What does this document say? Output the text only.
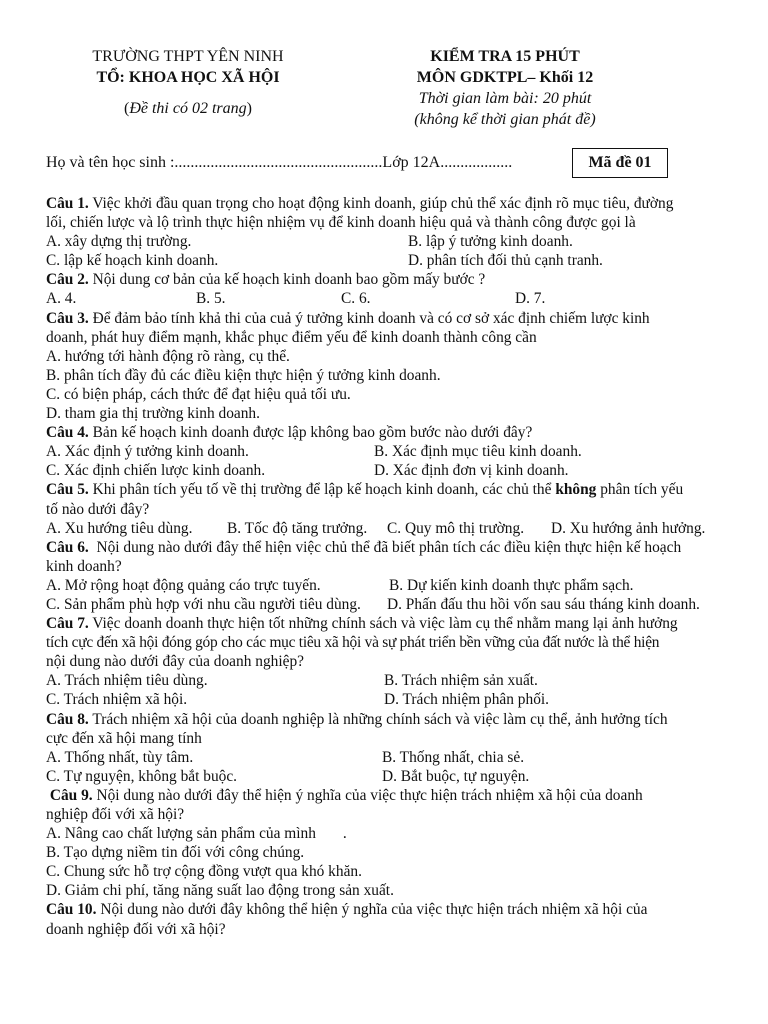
TRƯỜNG THPT YÊN NINH
TỔ: KHOA HỌC XÃ HỘI
(Đề thi có 02 trang)
KIỂM TRA 15 PHÚT
MÔN GDKTPL– Khối 12
Thời gian làm bài: 20 phút
(không kể thời gian phát đề)
Họ và tên học sinh :....................................................Lớp 12A..................	Mã đề 01
Câu 1. Việc khởi đầu quan trọng cho hoạt động kinh doanh, giúp chủ thể xác định rõ mục tiêu, đường
lối, chiến lược và lộ trình thực hiện nhiệm vụ để kinh doanh hiệu quả và thành công được gọi là
A. xây dựng thị trường.	B. lập ý tưởng kinh doanh.
C. lập kế hoạch kinh doanh.	D. phân tích đối thủ cạnh tranh.
Câu 2. Nội dung cơ bản của kế hoạch kinh doanh bao gồm mấy bước ?
A. 4.	B. 5.	C. 6.	D. 7.
Câu 3. Để đảm bảo tính khả thi của cuả ý tưởng kinh doanh và có cơ sở xác định chiếm lược kinh
doanh, phát huy điểm mạnh, khắc phục điểm yếu để kinh doanh thành công cần
A. hướng tới hành động rõ ràng, cụ thể.
B. phân tích đầy đủ các điều kiện thực hiện ý tưởng kinh doanh.
C. có biện pháp, cách thức để đạt hiệu quả tối ưu.
D. tham gia thị trường kinh doanh.
Câu 4. Bản kế hoạch kinh doanh được lập không bao gồm bước nào dưới đây?
A. Xác định ý tưởng kinh doanh.	B. Xác định mục tiêu kinh doanh.
C. Xác định chiến lược kinh doanh.	D. Xác định đơn vị kinh doanh.
Câu 5. Khi phân tích yếu tố về thị trường để lập kế hoạch kinh doanh, các chủ thể không phân tích yếu
tố nào dưới đây?
A. Xu hướng tiêu dùng. B. Tốc độ tăng trưởng. C. Quy mô thị trường. D. Xu hướng ảnh hưởng.
Câu 6. Nội dung nào dưới đây thể hiện việc chủ thể đã biết phân tích các điều kiện thực hiện kế hoạch
kinh doanh?
A. Mở rộng hoạt động quảng cáo trực tuyến.	B. Dự kiến kinh doanh thực phẩm sạch.
C. Sản phẩm phù hợp với nhu cầu người tiêu dùng. D. Phấn đấu thu hồi vốn sau sáu tháng kinh doanh.
Câu 7. Việc doanh doanh thực hiện tốt những chính sách và việc làm cụ thể nhằm mang lại ảnh hưởng
tích cực đến xã hội đóng góp cho các mục tiêu xã hội và sự phát triển bền vững của đất nước là thể hiện
nội dung nào dưới đây của doanh nghiệp?
A. Trách nhiệm tiêu dùng.	B. Trách nhiệm sản xuất.
C. Trách nhiệm xã hội.	D. Trách nhiệm phân phối.
Câu 8. Trách nhiệm xã hội của doanh nghiệp là những chính sách và việc làm cụ thể, ảnh hưởng tích
cực đến xã hội mang tính
A. Thống nhất, tùy tâm.	B. Thống nhất, chia sẻ.
C. Tự nguyện, không bắt buộc.	D. Bắt buộc, tự nguyện.
Câu 9. Nội dung nào dưới đây thể hiện ý nghĩa của việc thực hiện trách nhiệm xã hội của doanh
nghiệp đối với xã hội?
A. Nâng cao chất lượng sản phẩm của mình       .
B. Tạo dựng niềm tin đối với công chúng.
C. Chung sức hỗ trợ cộng đồng vượt qua khó khăn.
D. Giảm chi phí, tăng năng suất lao động trong sản xuất.
Câu 10. Nội dung nào dưới đây không thể hiện ý nghĩa của việc thực hiện trách nhiệm xã hội của
doanh nghiệp đối với xã hội?
